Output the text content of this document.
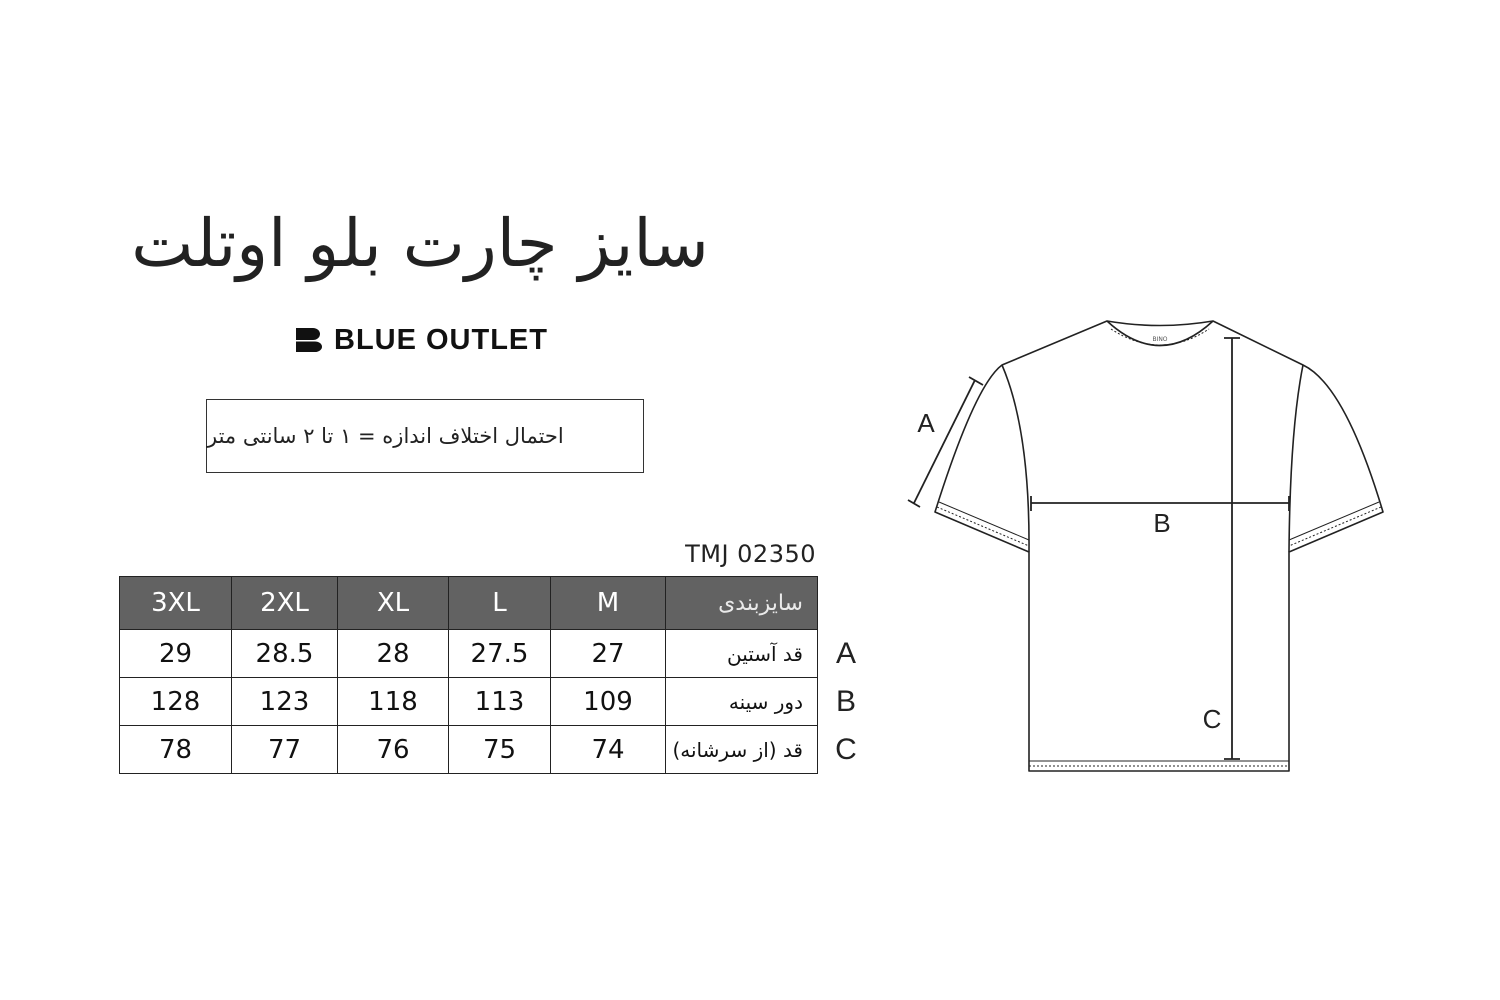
سایز چارت بلو اوتلت
BLUE OUTLET
احتمال اختلاف اندازه = ۱ تا ۲ سانتی متر
TMJ 02350
3XL	2XL	XL	L	M	سایزبندی
29	28.5	28	27.5	27	قد آستین
128	123	118	113	109	دور سینه
78	77	76	75	74	قد (از سرشانه)
A
B
C
BINO
A
B
C
